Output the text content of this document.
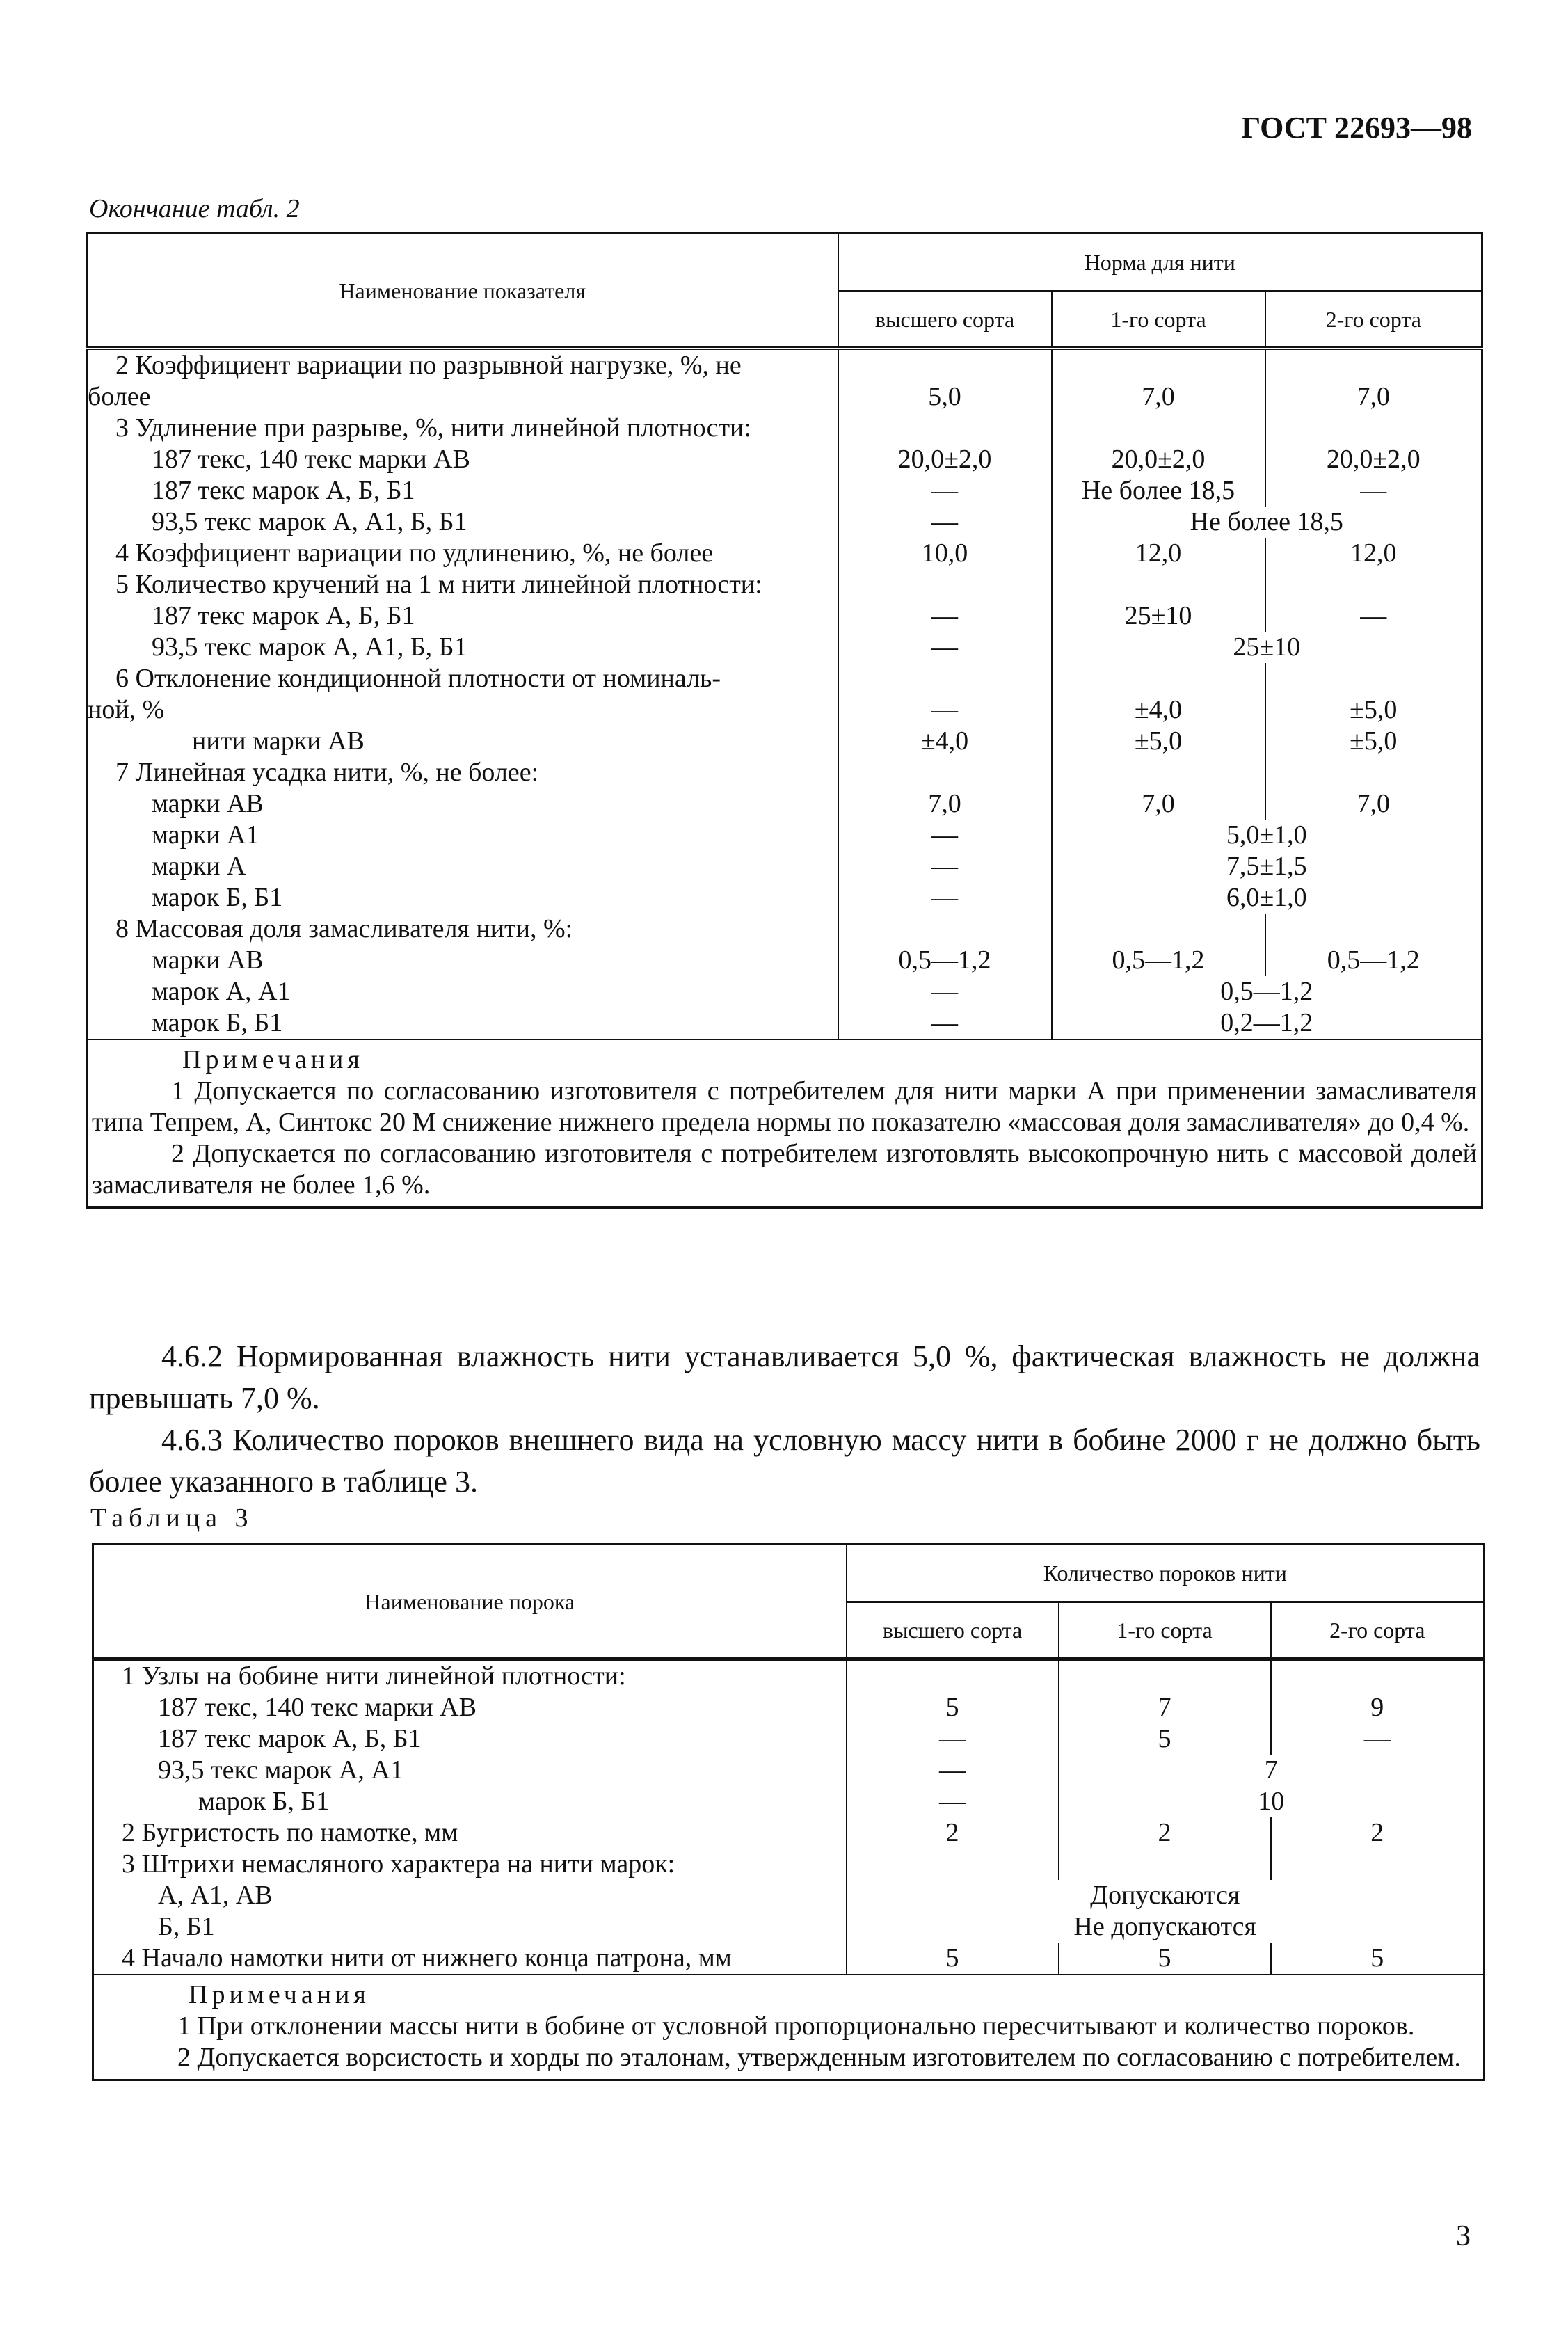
ГОСТ 22693—98
Окончание табл. 2
Наименование показателя	Норма для нити		
	высшего сорта	1-го сорта	2-го сорта
2 Коэффициент вариации по разрывной нагрузке, %, не			
более	5,0	7,0	7,0
3 Удлинение при разрыве, %, нити линейной плотности:			
187 текс, 140 текс марки АВ	20,0±2,0	20,0±2,0	20,0±2,0
187 текс марок А, Б, Б1	—	Не более 18,5	—
93,5 текс марок А, А1, Б, Б1	—	Не более 18,5	
4 Коэффициент вариации по удлинению, %, не более	10,0	12,0	12,0
5 Количество кручений на 1 м нити линейной плотности:			
187 текс марок А, Б, Б1	—	25±10	—
93,5 текс марок А, А1, Б, Б1	—	25±10	
6 Отклонение кондиционной плотности от номиналь-			
ной, %	—	±4,0	±5,0
нити марки АВ	±4,0	±5,0	±5,0
7 Линейная усадка нити, %, не более:			
марки АВ	7,0	7,0	7,0
марки А1	—	5,0±1,0	
марки А	—	7,5±1,5	
марок Б, Б1	—	6,0±1,0	
8 Массовая доля замасливателя нити, %:			
марки АВ	0,5—1,2	0,5—1,2	0,5—1,2
марок А, А1	—	0,5—1,2	
марок Б, Б1	—	0,2—1,2	

Примечания
1 Допускается по согласованию изготовителя с потребителем для нити марки А при применении замасливателя типа Тепрем, А, Синтокс 20 М снижение нижнего предела нормы по показателю «массовая доля замасливателя» до 0,4 %.
2 Допускается по согласованию изготовителя с потребителем изготовлять высокопрочную нить с массовой долей замасливателя не более 1,6 %.			
4.6.2 Нормированная влажность нити устанавливается 5,0 %, фактическая влажность не должна превышать 7,0 %.
4.6.3 Количество пороков внешнего вида на условную массу нити в бобине 2000 г не должно быть более указанного в таблице 3.
Таблица 3
Наименование порока	Количество пороков нити		
	высшего сорта	1-го сорта	2-го сорта
1 Узлы на бобине нити линейной плотности:			
187 текс, 140 текс марки АВ	5	7	9
187 текс марок А, Б, Б1	—	5	—
93,5 текс марок А, А1	—	7	
марок Б, Б1	—	10	
2 Бугристость по намотке, мм	2	2	2
3 Штрихи немасляного характера на нити марок:			
А, А1, АВ	Допускаются		
Б, Б1	Не допускаются		
4 Начало намотки нити от нижнего конца патрона, мм	5	5	5

Примечания
1 При отклонении массы нити в бобине от условной пропорционально пересчитывают и количество пороков.
2 Допускается ворсистость и хорды по эталонам, утвержденным изготовителем по согласованию с потребителем.			
3
